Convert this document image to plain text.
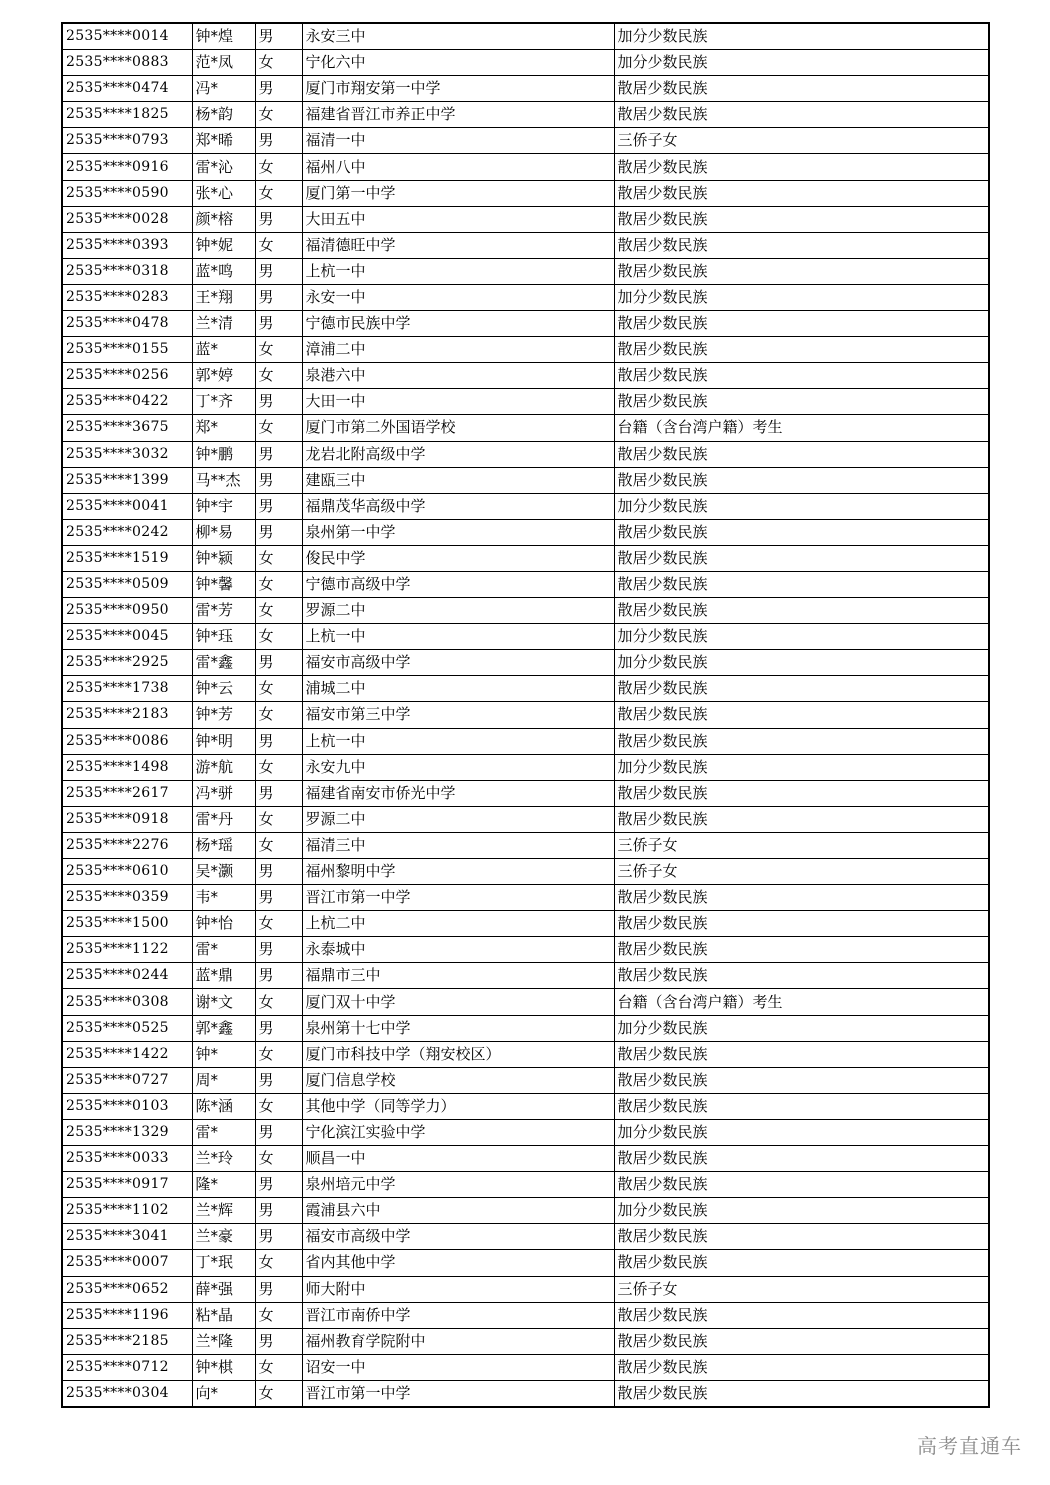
2535****0014	钟*煌	男	永安三中	加分少数民族
2535****0883	范*凤	女	宁化六中	加分少数民族
2535****0474	冯*	男	厦门市翔安第一中学	散居少数民族
2535****1825	杨*韵	女	福建省晋江市养正中学	散居少数民族
2535****0793	郑*晞	男	福清一中	三侨子女
2535****0916	雷*沁	女	福州八中	散居少数民族
2535****0590	张*心	女	厦门第一中学	散居少数民族
2535****0028	颜*榕	男	大田五中	散居少数民族
2535****0393	钟*妮	女	福清德旺中学	散居少数民族
2535****0318	蓝*鸣	男	上杭一中	散居少数民族
2535****0283	王*翔	男	永安一中	加分少数民族
2535****0478	兰*清	男	宁德市民族中学	散居少数民族
2535****0155	蓝*	女	漳浦二中	散居少数民族
2535****0256	郭*婷	女	泉港六中	散居少数民族
2535****0422	丁*齐	男	大田一中	散居少数民族
2535****3675	郑*	女	厦门市第二外国语学校	台籍（含台湾户籍）考生
2535****3032	钟*鹏	男	龙岩北附高级中学	散居少数民族
2535****1399	马**杰	男	建瓯三中	散居少数民族
2535****0041	钟*宇	男	福鼎茂华高级中学	加分少数民族
2535****0242	柳*易	男	泉州第一中学	散居少数民族
2535****1519	钟*颍	女	俊民中学	散居少数民族
2535****0509	钟*馨	女	宁德市高级中学	散居少数民族
2535****0950	雷*芳	女	罗源二中	散居少数民族
2535****0045	钟*珏	女	上杭一中	加分少数民族
2535****2925	雷*鑫	男	福安市高级中学	加分少数民族
2535****1738	钟*云	女	浦城二中	散居少数民族
2535****2183	钟*芳	女	福安市第三中学	散居少数民族
2535****0086	钟*明	男	上杭一中	散居少数民族
2535****1498	游*航	女	永安九中	加分少数民族
2535****2617	冯*骈	男	福建省南安市侨光中学	散居少数民族
2535****0918	雷*丹	女	罗源二中	散居少数民族
2535****2276	杨*瑶	女	福清三中	三侨子女
2535****0610	吴*灏	男	福州黎明中学	三侨子女
2535****0359	韦*	男	晋江市第一中学	散居少数民族
2535****1500	钟*怡	女	上杭二中	散居少数民族
2535****1122	雷*	男	永泰城中	散居少数民族
2535****0244	蓝*鼎	男	福鼎市三中	散居少数民族
2535****0308	谢*文	女	厦门双十中学	台籍（含台湾户籍）考生
2535****0525	郭*鑫	男	泉州第十七中学	加分少数民族
2535****1422	钟*	女	厦门市科技中学（翔安校区）	散居少数民族
2535****0727	周*	男	厦门信息学校	散居少数民族
2535****0103	陈*涵	女	其他中学（同等学力）	散居少数民族
2535****1329	雷*	男	宁化滨江实验中学	加分少数民族
2535****0033	兰*玲	女	顺昌一中	散居少数民族
2535****0917	隆*	男	泉州培元中学	散居少数民族
2535****1102	兰*辉	男	霞浦县六中	加分少数民族
2535****3041	兰*豪	男	福安市高级中学	散居少数民族
2535****0007	丁*珉	女	省内其他中学	散居少数民族
2535****0652	薛*强	男	师大附中	三侨子女
2535****1196	粘*晶	女	晋江市南侨中学	散居少数民族
2535****2185	兰*隆	男	福州教育学院附中	散居少数民族
2535****0712	钟*棋	女	诏安一中	散居少数民族
2535****0304	向*	女	晋江市第一中学	散居少数民族
高考直通车
